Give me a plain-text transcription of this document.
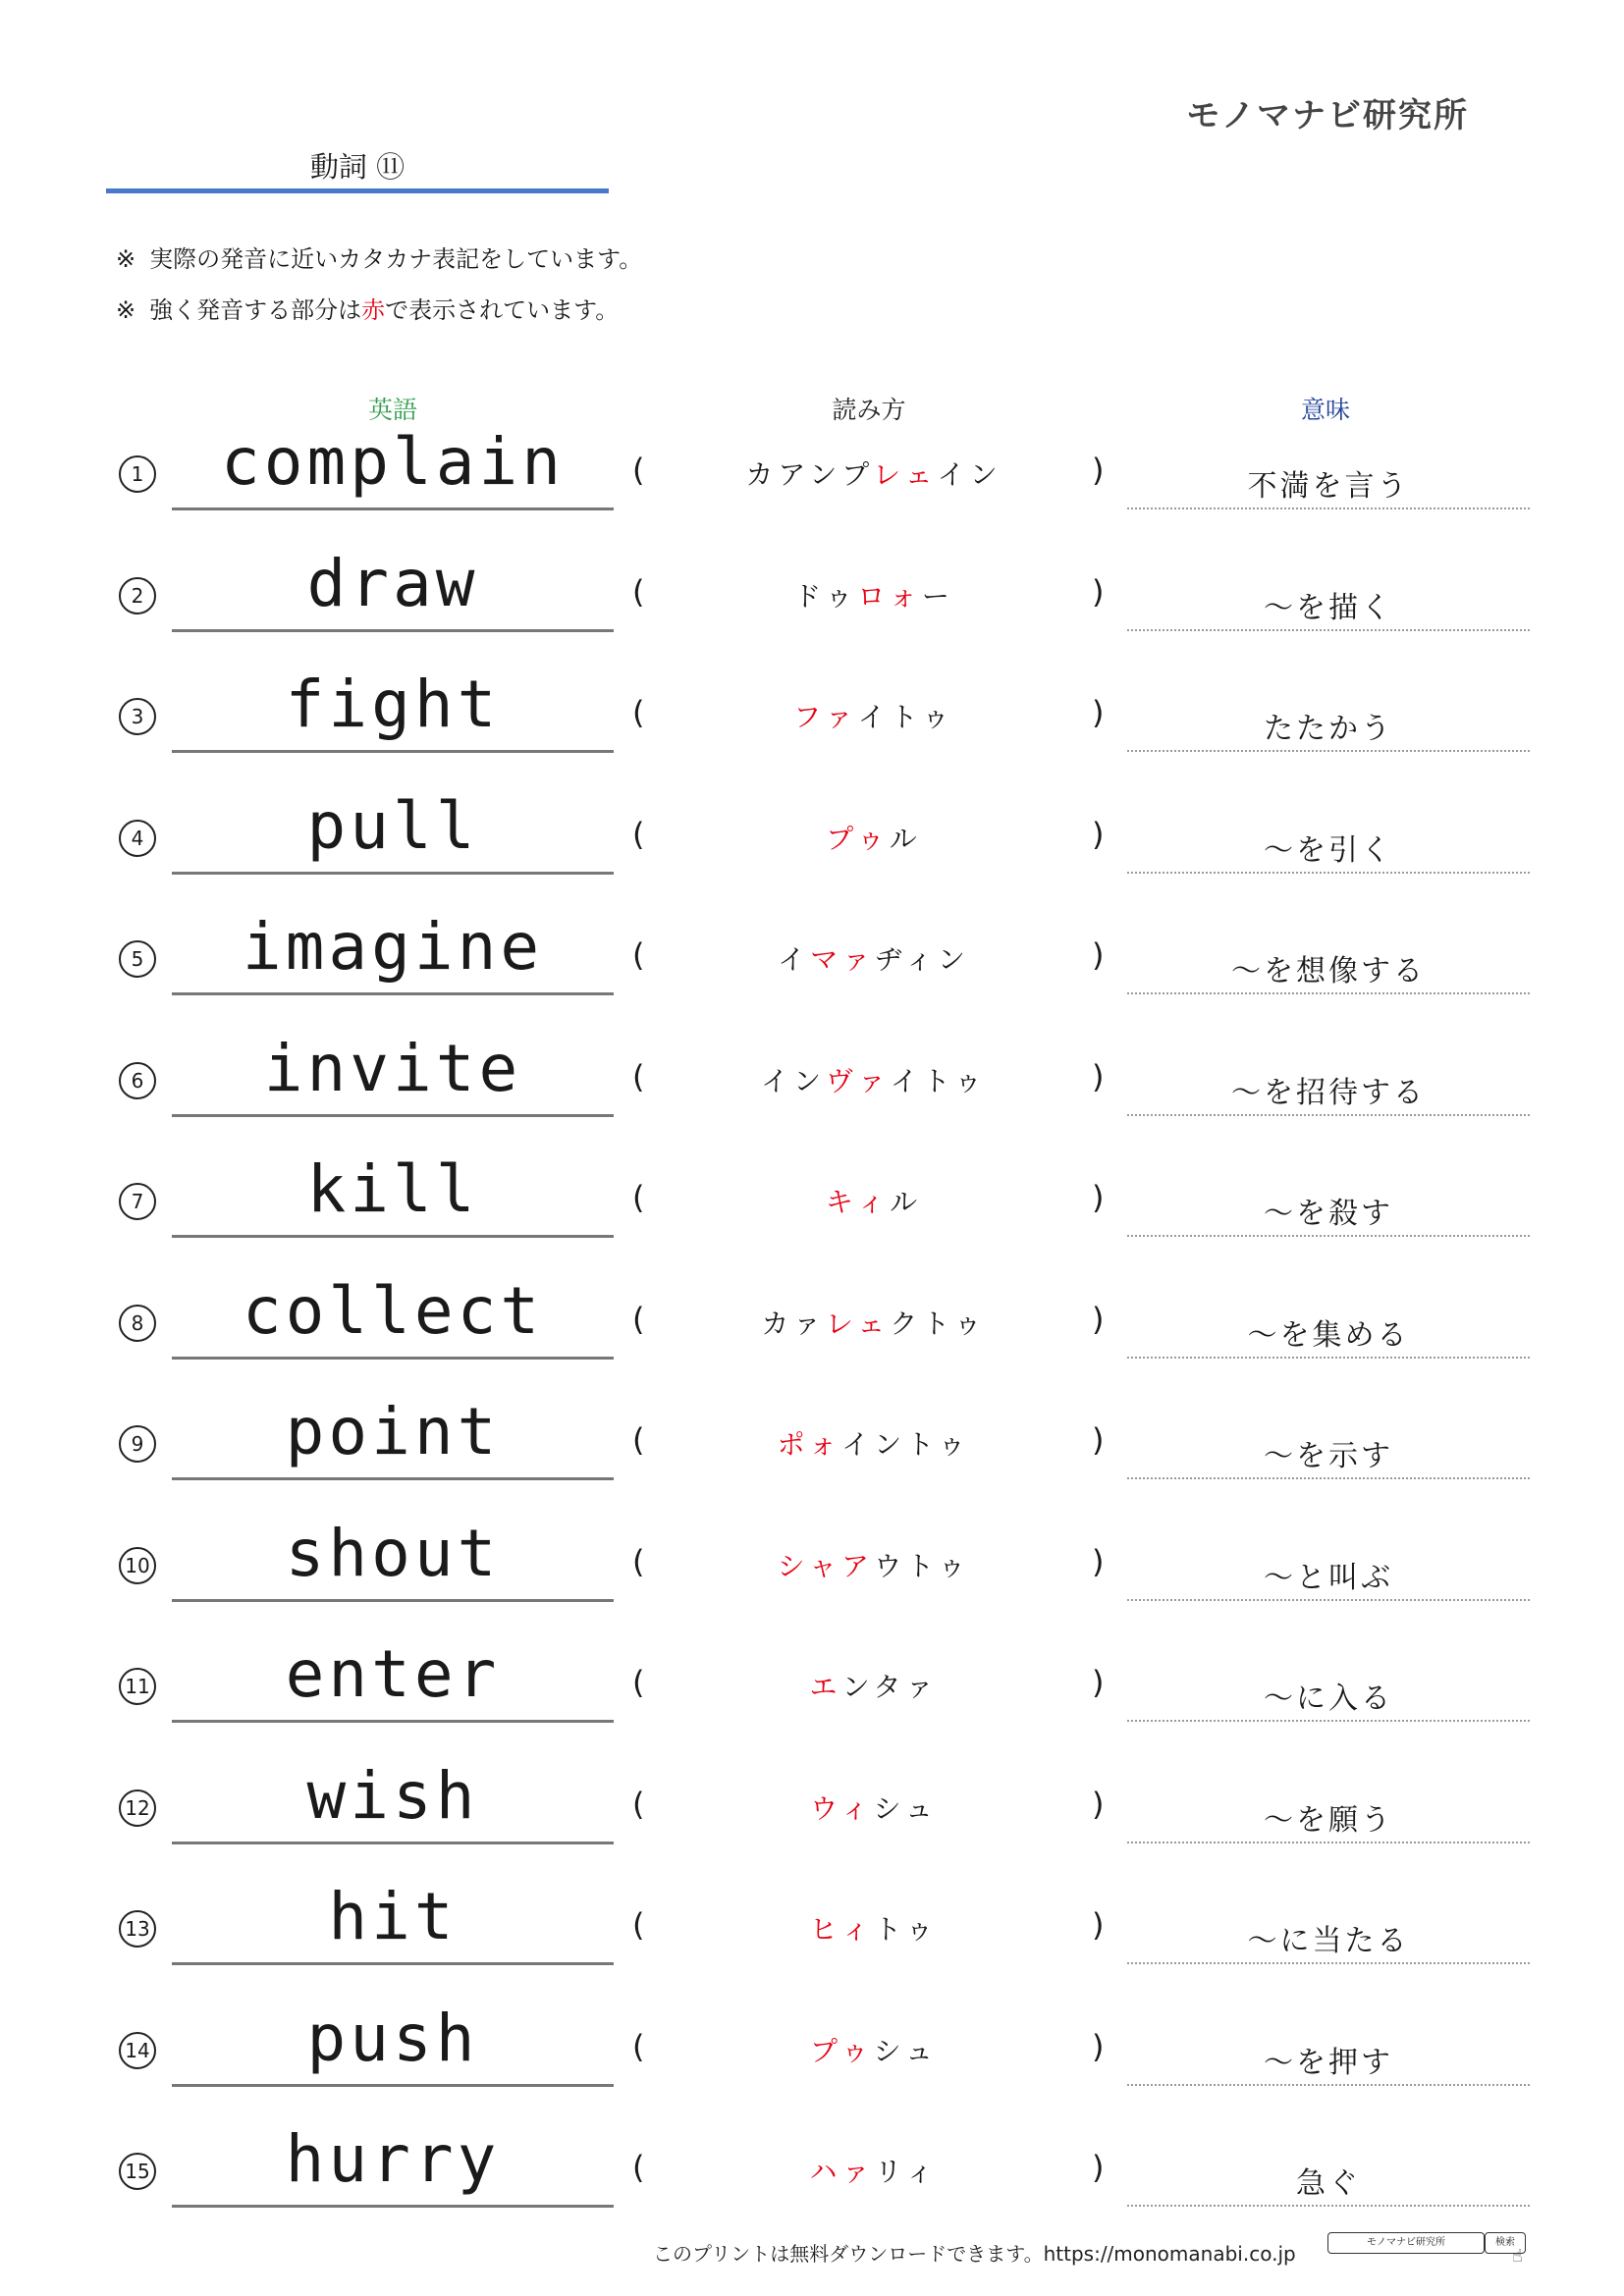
モノマナビ研究所
動詞 ⑪
※ 実際の発音に近いカタカナ表記をしています。
※ 強く発音する部分は赤で表示されています。
英語	読み方	意味
1	complain	(	カアンプレェイン	)	不満を言う
2	draw	(	ドゥロォー	)	～を描く
3	fight	(	ファイトゥ	)	たたかう
4	pull	(	プゥル	)	～を引く
5	imagine	(	イマァヂィン	)	～を想像する
6	invite	(	インヴァイトゥ	)	～を招待する
7	kill	(	キィル	)	～を殺す
8	collect	(	カァレェクトゥ	)	～を集める
9	point	(	ポォイントゥ	)	～を示す
10	shout	(	シャアウトゥ	)	～と叫ぶ
11	enter	(	エンタァ	)	～に入る
12	wish	(	ウィシュ	)	～を願う
13	hit	(	ヒィトゥ	)	～に当たる
14	push	(	プゥシュ	)	～を押す
15	hurry	(	ハァリィ	)	急ぐ
このプリントは無料ダウンロードできます。https://monomanabi.co.jp	モノマナビ研究所	検索
☝
